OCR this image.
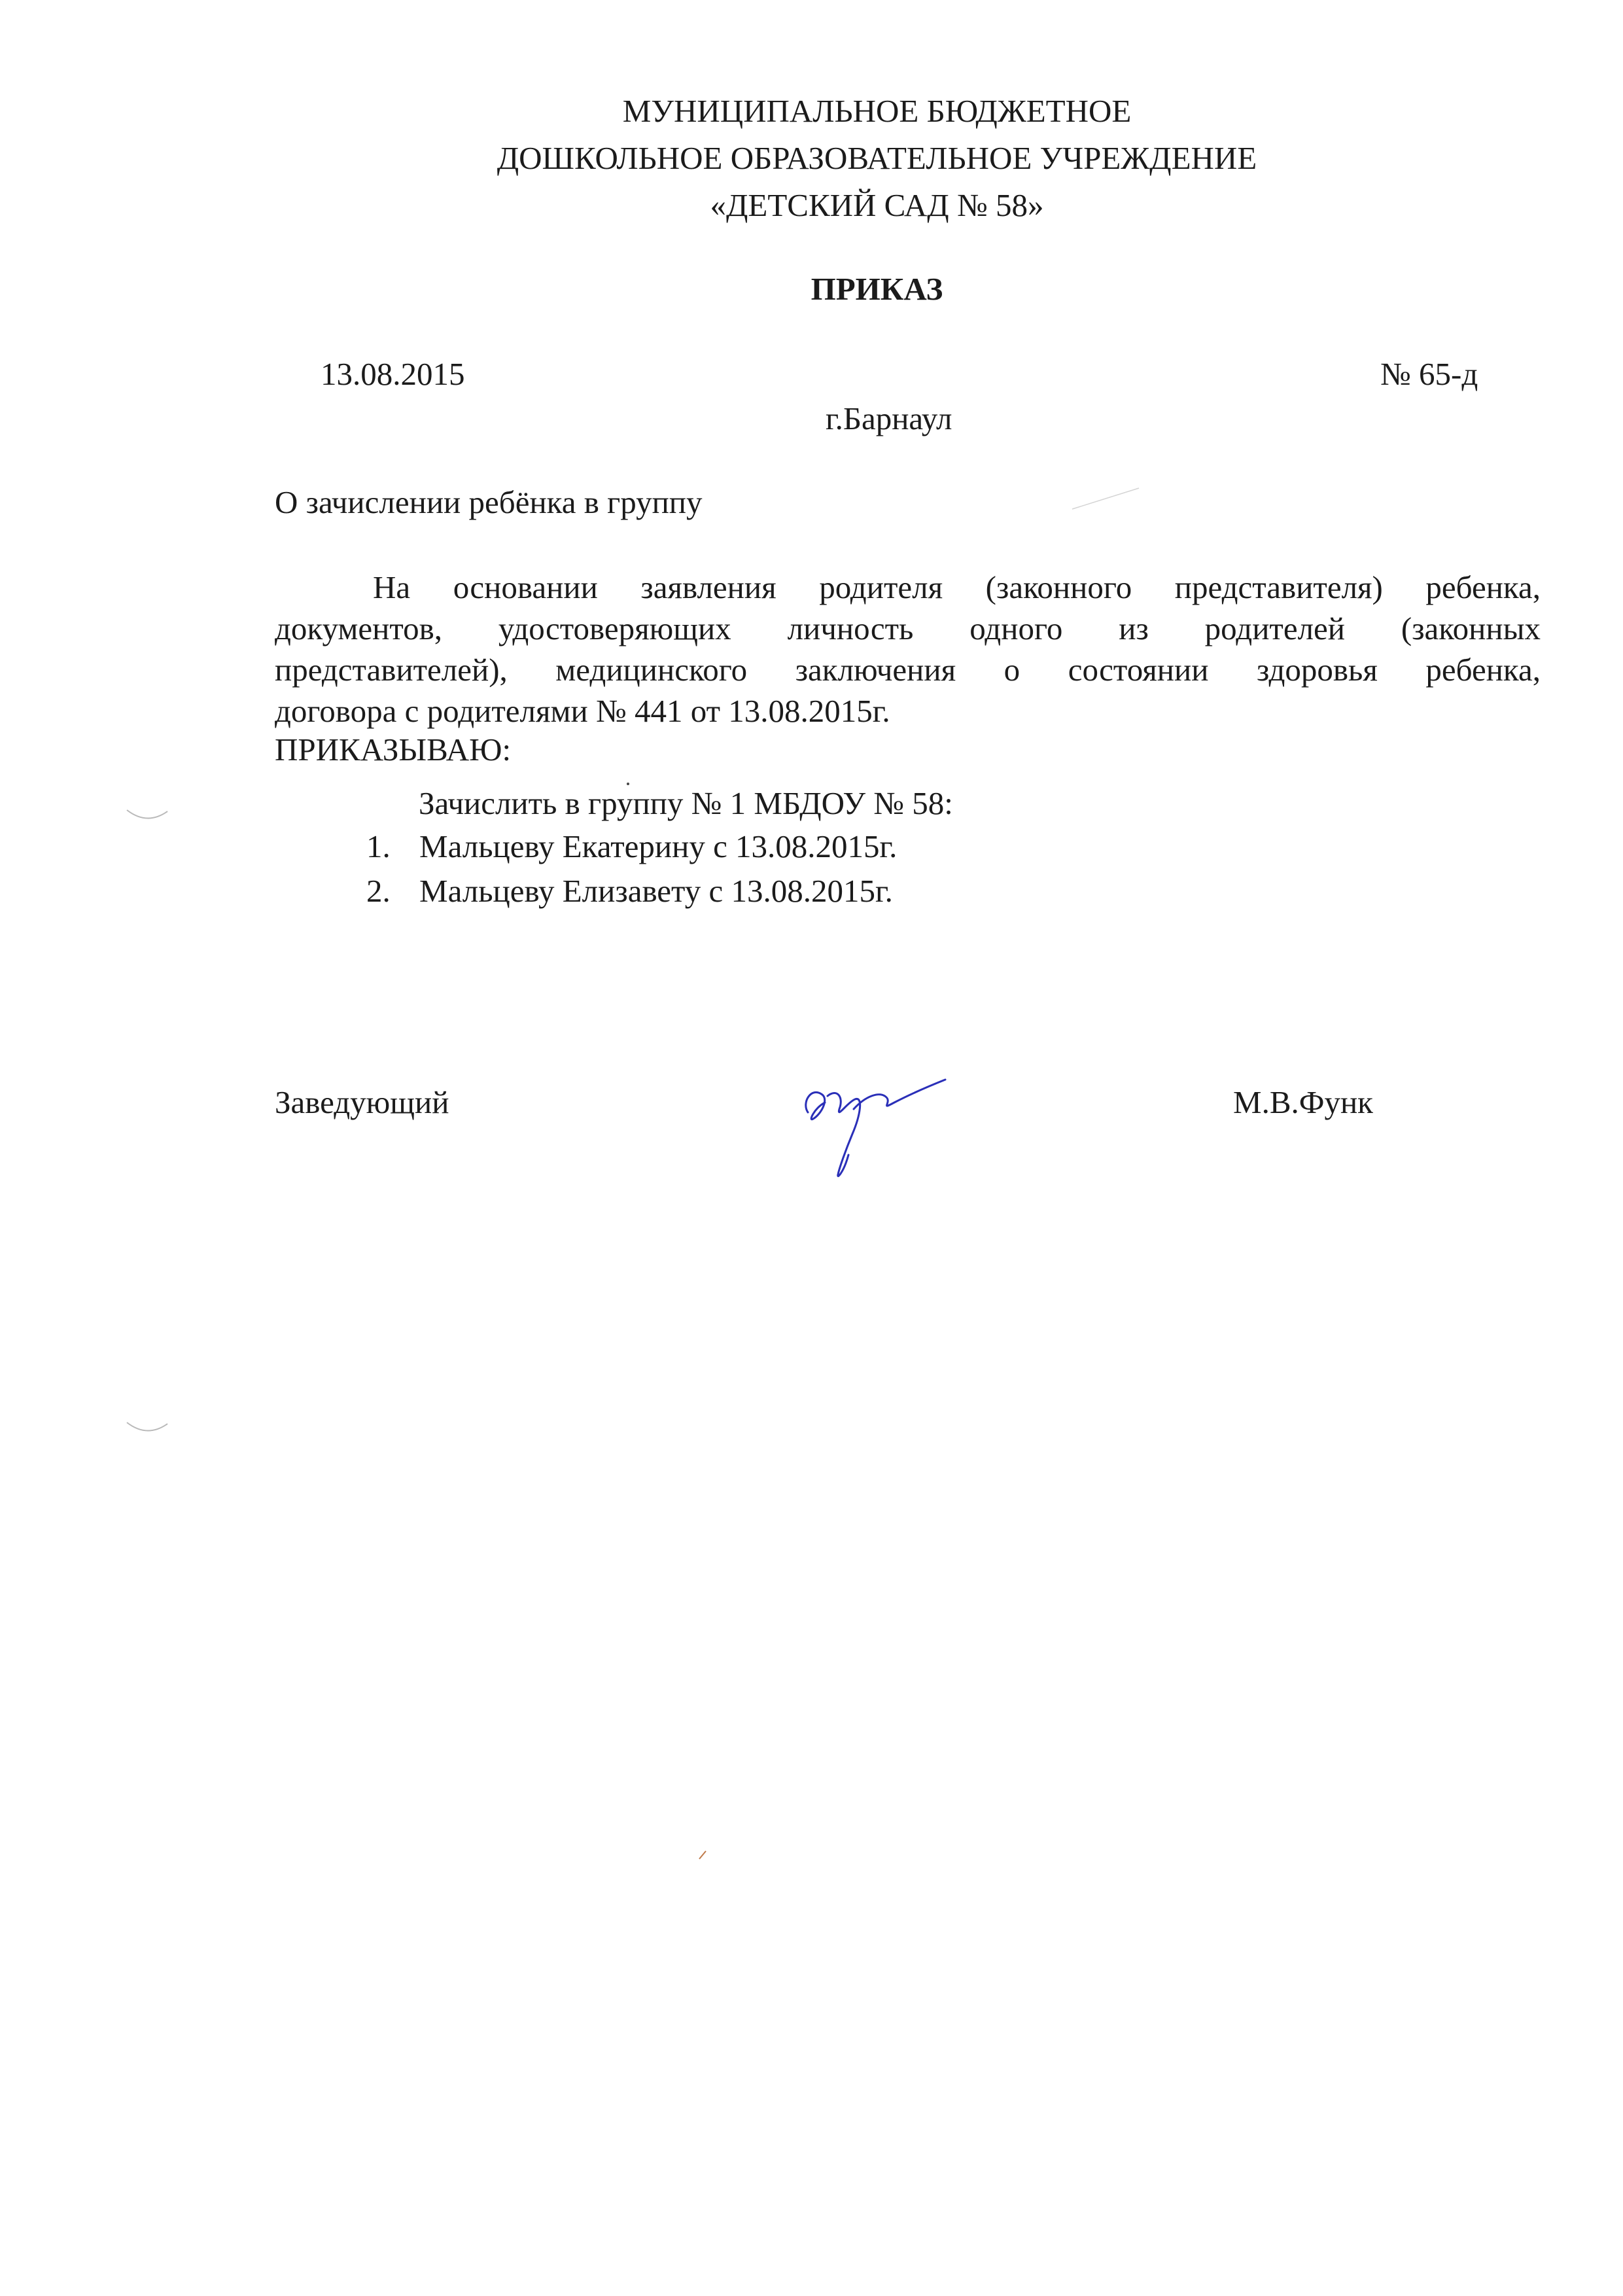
МУНИЦИПАЛЬНОЕ БЮДЖЕТНОЕ
ДОШКОЛЬНОЕ ОБРАЗОВАТЕЛЬНОЕ УЧРЕЖДЕНИЕ
«ДЕТСКИЙ САД № 58»
ПРИКАЗ
13.08.2015	№ 65-д
г.Барнаул
О зачислении ребёнка в группу
На основании заявления родителя (законного представителя) ребенка,
документов, удостоверяющих личность одного из родителей (законных
представителей), медицинского заключения о состоянии здоровья ребенка,
договора с родителями № 441 от 13.08.2015г.
ПРИКАЗЫВАЮ:
Зачислить в группу № 1 МБДОУ № 58:
1. Мальцеву Екатерину с 13.08.2015г.
2. Мальцеву Елизавету с 13.08.2015г.
Заведующий	М.В.Функ
